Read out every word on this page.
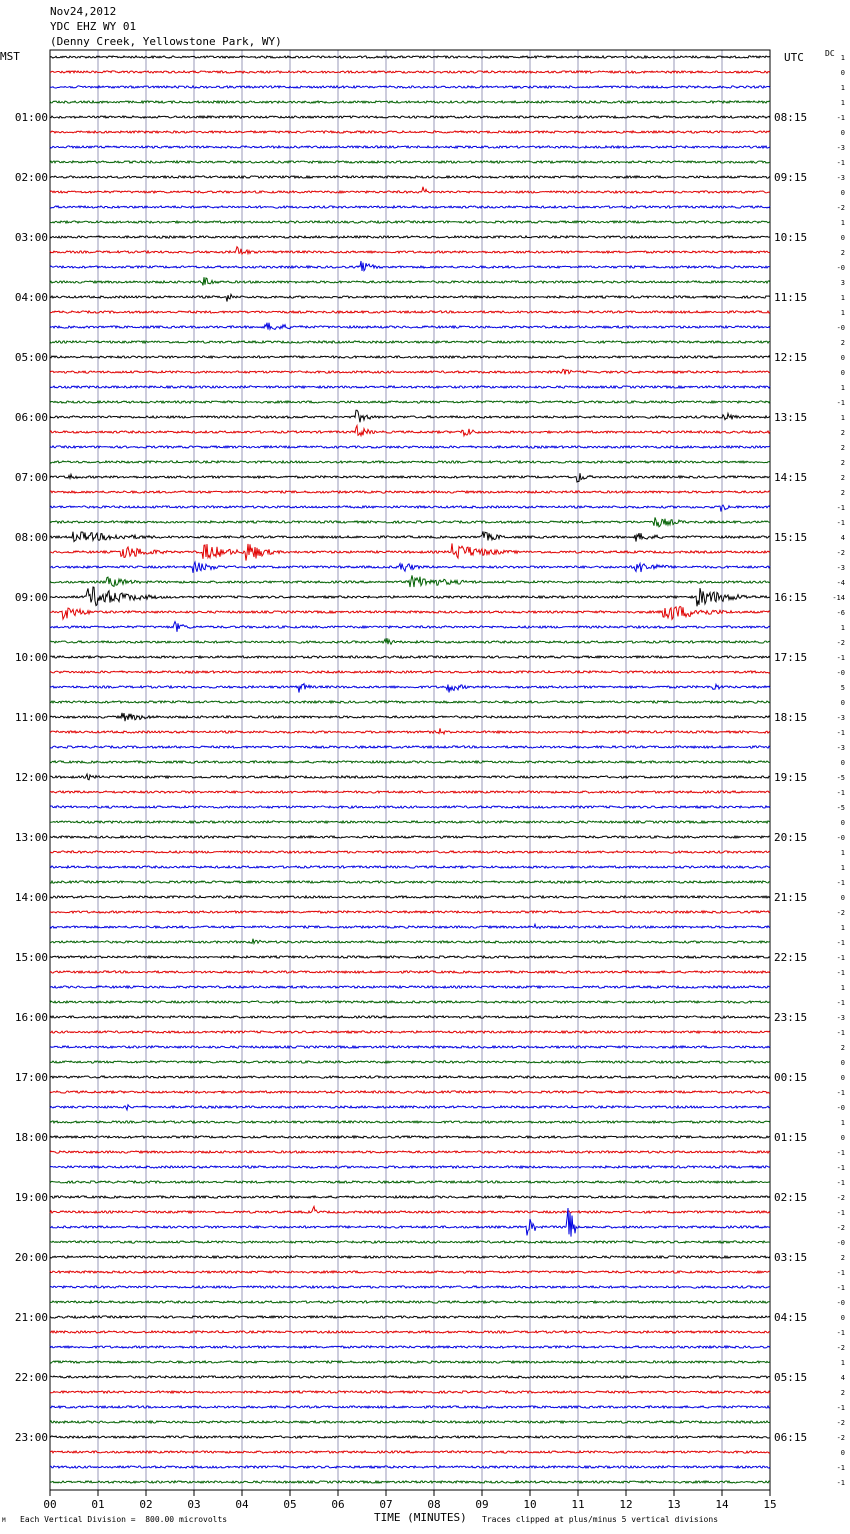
01:00
02:00
03:00
04:00
05:00
06:00
07:00
08:00
09:00
10:00
11:00
12:00
13:00
14:00
15:00
16:00
17:00
18:00
19:00
20:00
21:00
22:00
23:00
08:15
09:15
10:15
11:15
12:15
13:15
14:15
15:15
16:15
17:15
18:15
19:15
20:15
21:15
22:15
23:15
00:15
01:15
02:15
03:15
04:15
05:15
06:15
1
0
1
1
-1
0
-3
-1
-3
0
-2
1
0
2
-0
3
1
1
-0
2
0
0
1
-1
1
2
2
2
2
2
-1
-1
4
-2
-3
-4
-14
-6
1
-2
-1
-0
5
0
-3
-1
-3
0
-5
-1
-5
0
-0
1
1
-1
0
-2
1
-1
-1
-1
1
-1
-3
-1
2
0
0
-1
-0
1
0
-1
-1
-1
-2
-1
-2
-0
2
-1
-1
-0
0
-1
-2
1
4
2
-1
-2
-2
0
-1
-1
00	01	02	03	04	05	06	07	08	09	10	11	12	13	14	15
Nov24,2012
YDC EHZ WY 01
(Denny Creek, Yellowstone Park, WY)
MST	UTC	DC
M Each Vertical Division =  800.00 microvolts	TIME (MINUTES) Traces clipped at plus/minus 5 vertical divisions
